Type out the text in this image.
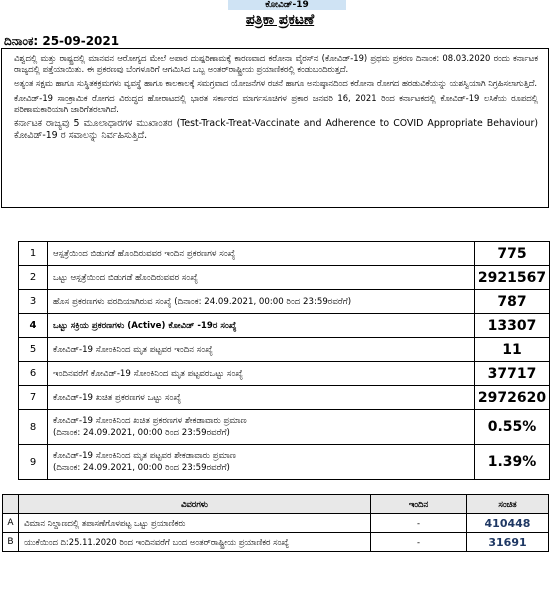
ಕೋವಿಡ್-19
ಪತ್ರಿಕಾ ಪ್ರಕಟಣೆ
ದಿನಾಂಕ: 25-09-2021

ವಿಶ್ವದಲ್ಲಿ ಮತ್ತು ರಾಷ್ಟ್ರದಲ್ಲಿ ಮಾನವನ ಆರೋಗ್ಯದ ಮೇಲೆ ಅಪಾರ ದುಷ್ಪರಿಣಾಮಕ್ಕೆ ಕಾರಣವಾದ ಕರೋನಾ ವೈರಸ್‌ನ (ಕೋವಿಡ್-19) ಪ್ರಥಮ ಪ್ರಕರಣ ದಿನಾಂಕ: 08.03.2020 ರಂದು ಕರ್ನಾಟಕ ರಾಜ್ಯದಲ್ಲಿ ಪತ್ತೆಯಾಯಿತು. ಈ ಪ್ರಕರಣವು ಬೆಂಗಳೂರಿಗೆ ಆಗಮಿಸಿದ ಒಬ್ಬ ಅಂತರ್‌ರಾಷ್ಟ್ರೀಯ ಪ್ರಯಾಣಿಕರಲ್ಲಿ ಕಂಡುಬಂದಿರುತ್ತದೆ.

ಅತ್ಯಂತ ಸಕ್ಷಮ ಹಾಗೂ ಸುಸ್ಥಿತಕಕ್ರಮಗಳು ವ್ಯವಸ್ಥೆ ಹಾಗೂ ಕಾಲಕಾಲಕ್ಕೆ ಸಮಗ್ರವಾದ ಯೋಜನೆಗಳ ರಚನೆ ಹಾಗೂ ಅನುಷ್ಠಾನದಿಂದ ಕರೋನಾ ರೋಗದ ಹರಡುವಿಕೆಯನ್ನು ಯಶಸ್ವಿಯಾಗಿ ನಿಗ್ರಹಿಸಲಾಗುತ್ತಿದೆ.

ಕೋವಿಡ್-19 ಸಾಂಕ್ರಾಮಿಕ ರೋಗದ ವಿರುದ್ಧದ ಹೋರಾಟದಲ್ಲಿ ಭಾರತ ಸರ್ಕಾರದ ಮಾರ್ಗಸೂಚಿಗಳ ಪ್ರಕಾರ ಜನವರಿ 16, 2021 ರಿಂದ ಕರ್ನಾಟಕದಲ್ಲಿ ಕೋವಿಡ್-19 ಲಸಿಕೆಯ ರೂಪದಲ್ಲಿ ಪರಿಣಾಮಕಾರಿಯಾಗಿ ಜಾರಿಗೆತರಲಾಗಿದೆ.

ಕರ್ನಾಟಕ ರಾಜ್ಯವು 5 ಮೂಲಾಧಾರಗಳ ಮುಖಾಂತರ (Test-Track-Treat-Vaccinate and Adherence to COVID Appropriate Behaviour) ಕೋವಿಡ್-19 ರ ಸವಾಲನ್ನು ನಿರ್ವಹಿಸುತ್ತಿದೆ.

1	ಆಸ್ಪತ್ರೆಯಿಂದ ಬಿಡುಗಡೆ ಹೊಂದಿರುವವರ ಇಂದಿನ ಪ್ರಕರಣಗಳ ಸಂಖ್ಯೆ	775
2	ಒಟ್ಟು ಆಸ್ಪತ್ರೆಯಿಂದ ಬಿಡುಗಡೆ ಹೊಂದಿರುವವರ ಸಂಖ್ಯೆ	2921567
3	ಹೊಸ ಪ್ರಕರಣಗಳು ವರದಿಯಾಗಿರುವ ಸಂಖ್ಯೆ (ದಿನಾಂಕ: 24.09.2021, 00:00 ರಿಂದ 23:59ರವರೆಗೆ)	787
4	ಒಟ್ಟು ಸಕ್ರಿಯ ಪ್ರಕರಣಗಳು (Active) ಕೋವಿಡ್ -19ರ ಸಂಖ್ಯೆ	13307
5	ಕೋವಿಡ್-19 ಸೋಂಕಿನಿಂದ ಮೃತ ಪಟ್ಟವರ ಇಂದಿನ ಸಂಖ್ಯೆ	11
6	ಇಂದಿನವರೆಗೆ ಕೋವಿಡ್-19 ಸೋಂಕಿನಿಂದ ಮೃತ ಪಟ್ಟವರಒಟ್ಟು ಸಂಖ್ಯೆ	37717
7	ಕೋವಿಡ್-19 ಖಚಿತ ಪ್ರಕರಣಗಳ ಒಟ್ಟು ಸಂಖ್ಯೆ	2972620
8	ಕೋವಿಡ್-19 ಸೋಂಕಿನಿಂದ ಖಚಿತ ಪ್ರಕರಣಗಳ ಶೇಕಡಾವಾರು ಪ್ರಮಾಣ
(ದಿನಾಂಕ: 24.09.2021, 00:00 ರಿಂದ 23:59ರವರೆಗೆ)	0.55%
9	ಕೋವಿಡ್-19 ಸೋಂಕಿನಿಂದ ಮೃತ ಪಟ್ಟವರ ಶೇಕಡಾವಾರು ಪ್ರಮಾಣ
(ದಿನಾಂಕ: 24.09.2021, 00:00 ರಿಂದ 23:59ರವರೆಗೆ)	1.39%
	ವಿವರಗಳು	ಇಂದಿನ	ಸಂಚಿತ
A	ವಿಮಾನ ನಿಲ್ದಾಣದಲ್ಲಿ ತಪಾಸಣೆಗೊಳಪಟ್ಟ ಒಟ್ಟು ಪ್ರಯಾಣಿಕರು	-	410448
B	ಯುಕೆಯಿಂದ ದಿ:25.11.2020 ರಿಂದ ಇಂದಿನವರೆಗೆ ಬಂದ ಅಂತರ್‌ರಾಷ್ಟ್ರೀಯ ಪ್ರಯಾಣಿಕರ ಸಂಖ್ಯೆ	-	31691
